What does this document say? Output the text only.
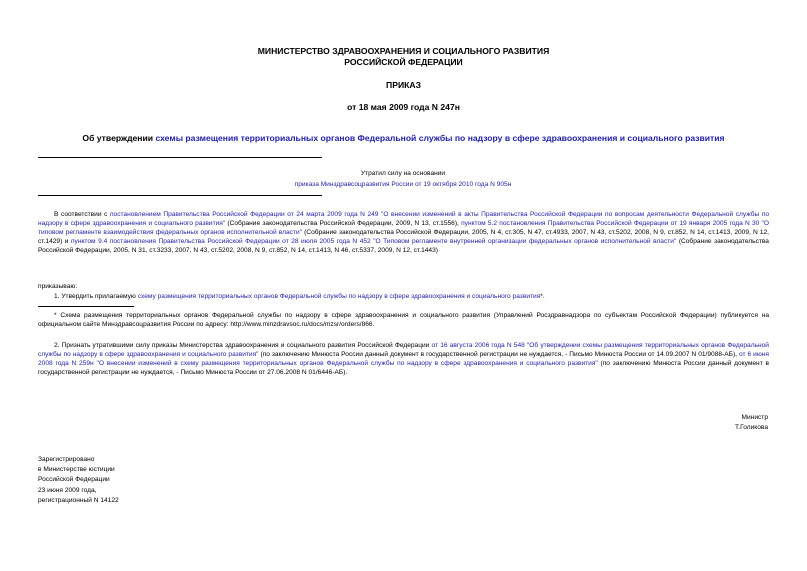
МИНИСТЕРСТВО ЗДРАВООХРАНЕНИЯ И СОЦИАЛЬНОГО РАЗВИТИЯ
РОССИЙСКОЙ ФЕДЕРАЦИИ
ПРИКАЗ
от 18 мая 2009 года N 247н
Об утверждении схемы размещения территориальных органов Федеральной службы по надзору в сфере здравоохранения и социального развития
Утратил силу на основании
приказа Минздравсоцразвития России от 19 октября 2010 года N 905н
В соответствии с постановлением Правительства Российской Федерации от 24 марта 2009 года N 249 "О внесении изменений в акты Правительства Российской Федерации по вопросам деятельности Федеральной службы по надзору в сфере здравоохранения и социального развития" (Собрание законодательства Российской Федерации, 2009, N 13, ст.1556), пунктом 5.2 постановления Правительства Российской Федерации от 19 января 2005 года N 30 "О типовом регламенте взаимодействия федеральных органов исполнительной власти" (Собрание законодательства Российской Федерации, 2005, N 4, ст.305, N 47, ст.4933, 2007, N 43, ст.5202, 2008, N 9, ст.852, N 14, ст.1413, 2009, N 12, ст.1429) и пунктом 9.4 постановления Правительства Российской Федерации от 28 июля 2005 года N 452 "О Типовом регламенте внутренней организации федеральных органов исполнительной власти" (Собрание законодательства Российской Федерации, 2005, N 31, ст.3233, 2007, N 43, ст.5202, 2008, N 9, ст.852, N 14, ст.1413, N 46, ст.5337, 2009, N 12, ст.1443)
приказываю:
1. Утвердить прилагаемую схему размещения территориальных органов Федеральной службы по надзору в сфере здравоохранения и социального развития*.
* Схема размещения территориальных органов Федеральной службы по надзору в сфере здравоохранения и социального развития (Управлений Росздравнадзора по субъектам Российской Федерации) публикуется на официальном сайте Минздравсоцразвития России по адресу: http://www.minzdravsoc.ru/docs/mzsr/orders/866.
2. Признать утратившими силу приказы Министерства здравоохранения и социального развития Российской Федерации от 16 августа 2006 года N 548 "Об утверждении схемы размещения территориальных органов Федеральной службы по надзору в сфере здравоохранения и социального развития" (по заключению Минюста России данный документ в государственной регистрации не нуждается, - Письмо Минюста России от 14.09.2007 N 01/9088-АБ), от 6 июня 2008 года N 259н "О внесении изменений в схему размещения территориальных органов Федеральной службы по надзору в сфере здравоохранения и социального развития" (по заключению Минюста России данный документ в государственной регистрации не нуждается, - Письмо Минюста России от 27.06.2008 N 01/6446-АБ).
Министр
Т.Голикова
Зарегистрировано
в Министерстве юстиции
Российской Федерации
23 июня 2009 года,
регистрационный N 14122
